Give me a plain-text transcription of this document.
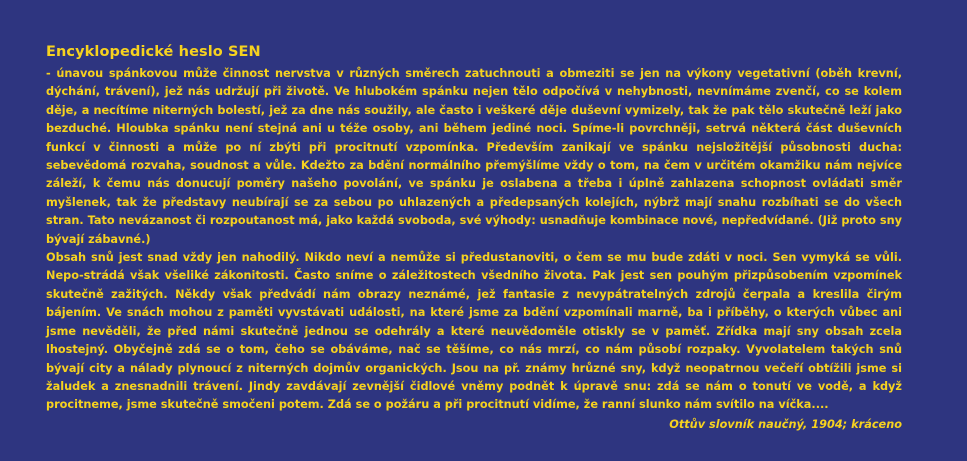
Encyklopedické heslo SEN

- únavou spánkovou může činnost nervstva v různých směrech zatuchnouti a obmeziti se jen na výkony vegetativní (oběh krevní, dýchání, trávení), jež nás udržují při životě. Ve hlubokém spánku nejen tělo odpočívá v nehybnosti, nevnímáme zvenčí, co se kolem děje, a necítíme niterných bolestí, jež za dne nás soužily, ale často i veškeré děje duševní vymizely, tak že pak tělo skutečně leží jako bezduché. Hloubka spánku není stejná ani u téže osoby, ani během jediné noci. Spíme-li povrchněji, setrvá některá část duševních funkcí v činnosti a může po ní zbýti při procitnutí vzpomínka. Především zanikají ve spánku nejsložitější působnosti ducha: sebevědomá rozvaha, soudnost a vůle. Kdežto za bdění normálního přemýšlíme vždy o tom, na čem v určitém okamžiku nám nejvíce záleží, k čemu nás donucují poměry našeho povolání, ve spánku je oslabena a třeba i úplně zahlazena schopnost ovládati směr myšlenek, tak že představy neubírají se za sebou po uhlazených a předepsaných kolejích, nýbrž mají snahu rozbíhati se do všech stran. Tato nevázanost či rozpoutanost má, jako každá svoboda, své výhody: usnadňuje kombinace nové, nepředvídané. (Již proto sny bývají zábavné.)

Obsah snů jest snad vždy jen nahodilý. Nikdo neví a nemůže si předustanoviti, o čem se mu bude zdáti v noci. Sen vymyká se vůli. Nepo-strádá však všeliké zákonitosti. Často sníme o záležitostech všedního života. Pak jest sen pouhým přizpůsobením vzpomínek skutečně zažitých. Někdy však předvádí nám obrazy neznámé, jež fantasie z nevypátratelných zdrojů čerpala a kreslila čirým bájením. Ve snách mohou z paměti vyvstávati události, na které jsme za bdění vzpomínali marně, ba i příběhy, o kterých vůbec ani jsme nevěděli, že před námi skutečně jednou se odehrály a které neuvědoměle otiskly se v paměť. Zřídka mají sny obsah zcela lhostejný. Obyčejně zdá se o tom, čeho se obáváme, nač se těšíme, co nás mrzí, co nám působí rozpaky. Vyvolatelem takých snů bývají city a nálady plynoucí z niterných dojmův organických. Jsou na př. známy hrůzné sny, když neopatrnou večeří obtížili jsme si žaludek a znesnadnili trávení. Jindy zavdávají zevnější čidlové vněmy podnět k úpravě snu: zdá se nám o tonutí ve vodě, a když procitneme, jsme skutečně smočeni potem. Zdá se o požáru a při procitnutí vidíme, že ranní slunko nám svítilo na víčka....

Ottův slovník naučný, 1904; kráceno
